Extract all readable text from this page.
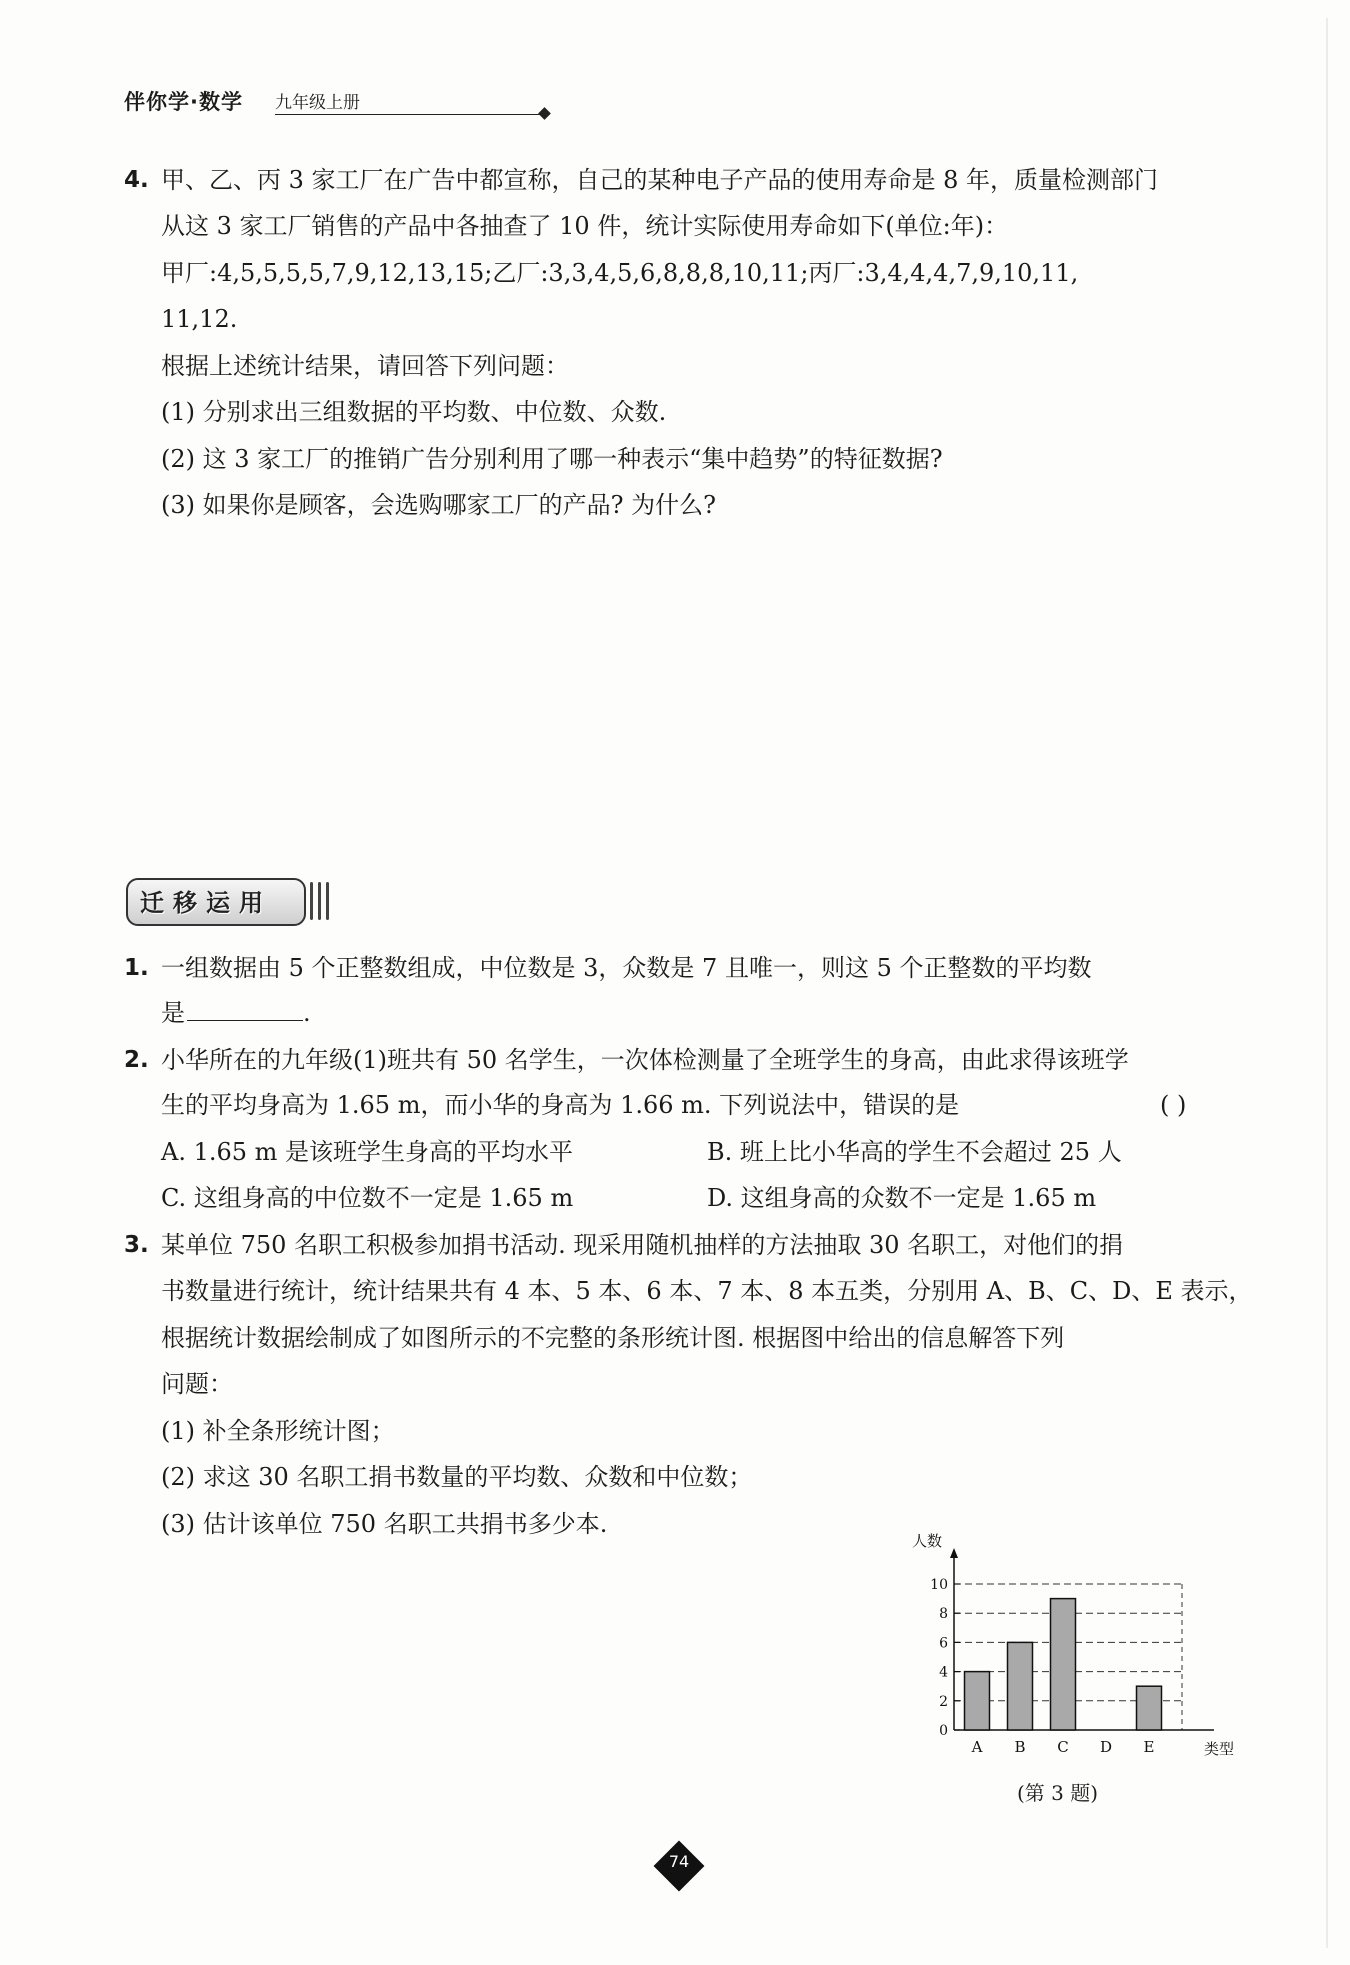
伴你学·数学 九年级上册
4. 甲、乙、丙 3 家工厂在广告中都宣称，自己的某种电子产品的使用寿命是 8 年，质量检测部门
从这 3 家工厂销售的产品中各抽查了 10 件，统计实际使用寿命如下(单位:年)：
甲厂:4,5,5,5,5,7,9,12,13,15;乙厂:3,3,4,5,6,8,8,8,10,11;丙厂:3,4,4,4,7,9,10,11,
11,12.
根据上述统计结果，请回答下列问题：
(1) 分别求出三组数据的平均数、中位数、众数.
(2) 这 3 家工厂的推销广告分别利用了哪一种表示“集中趋势”的特征数据?
(3) 如果你是顾客，会选购哪家工厂的产品? 为什么?
迁移运用
1. 一组数据由 5 个正整数组成，中位数是 3，众数是 7 且唯一，则这 5 个正整数的平均数
是	.
2. 小华所在的九年级(1)班共有 50 名学生，一次体检测量了全班学生的身高，由此求得该班学
生的平均身高为 1.65 m，而小华的身高为 1.66 m. 下列说法中，错误的是	( )
A. 1.65 m 是该班学生身高的平均水平	B. 班上比小华高的学生不会超过 25 人
C. 这组身高的中位数不一定是 1.65 m	D. 这组身高的众数不一定是 1.65 m
3. 某单位 750 名职工积极参加捐书活动. 现采用随机抽样的方法抽取 30 名职工，对他们的捐
书数量进行统计，统计结果共有 4 本、5 本、6 本、7 本、8 本五类，分别用 A、B、C、D、E 表示，
根据统计数据绘制成了如图所示的不完整的条形统计图. 根据图中给出的信息解答下列
问题：
(1) 补全条形统计图；
(2) 求这 30 名职工捐书数量的平均数、众数和中位数；
(3) 估计该单位 750 名职工共捐书多少本.
0
2
4
6
8
10
A B C D E
人数
类型
(第 3 题)
74
